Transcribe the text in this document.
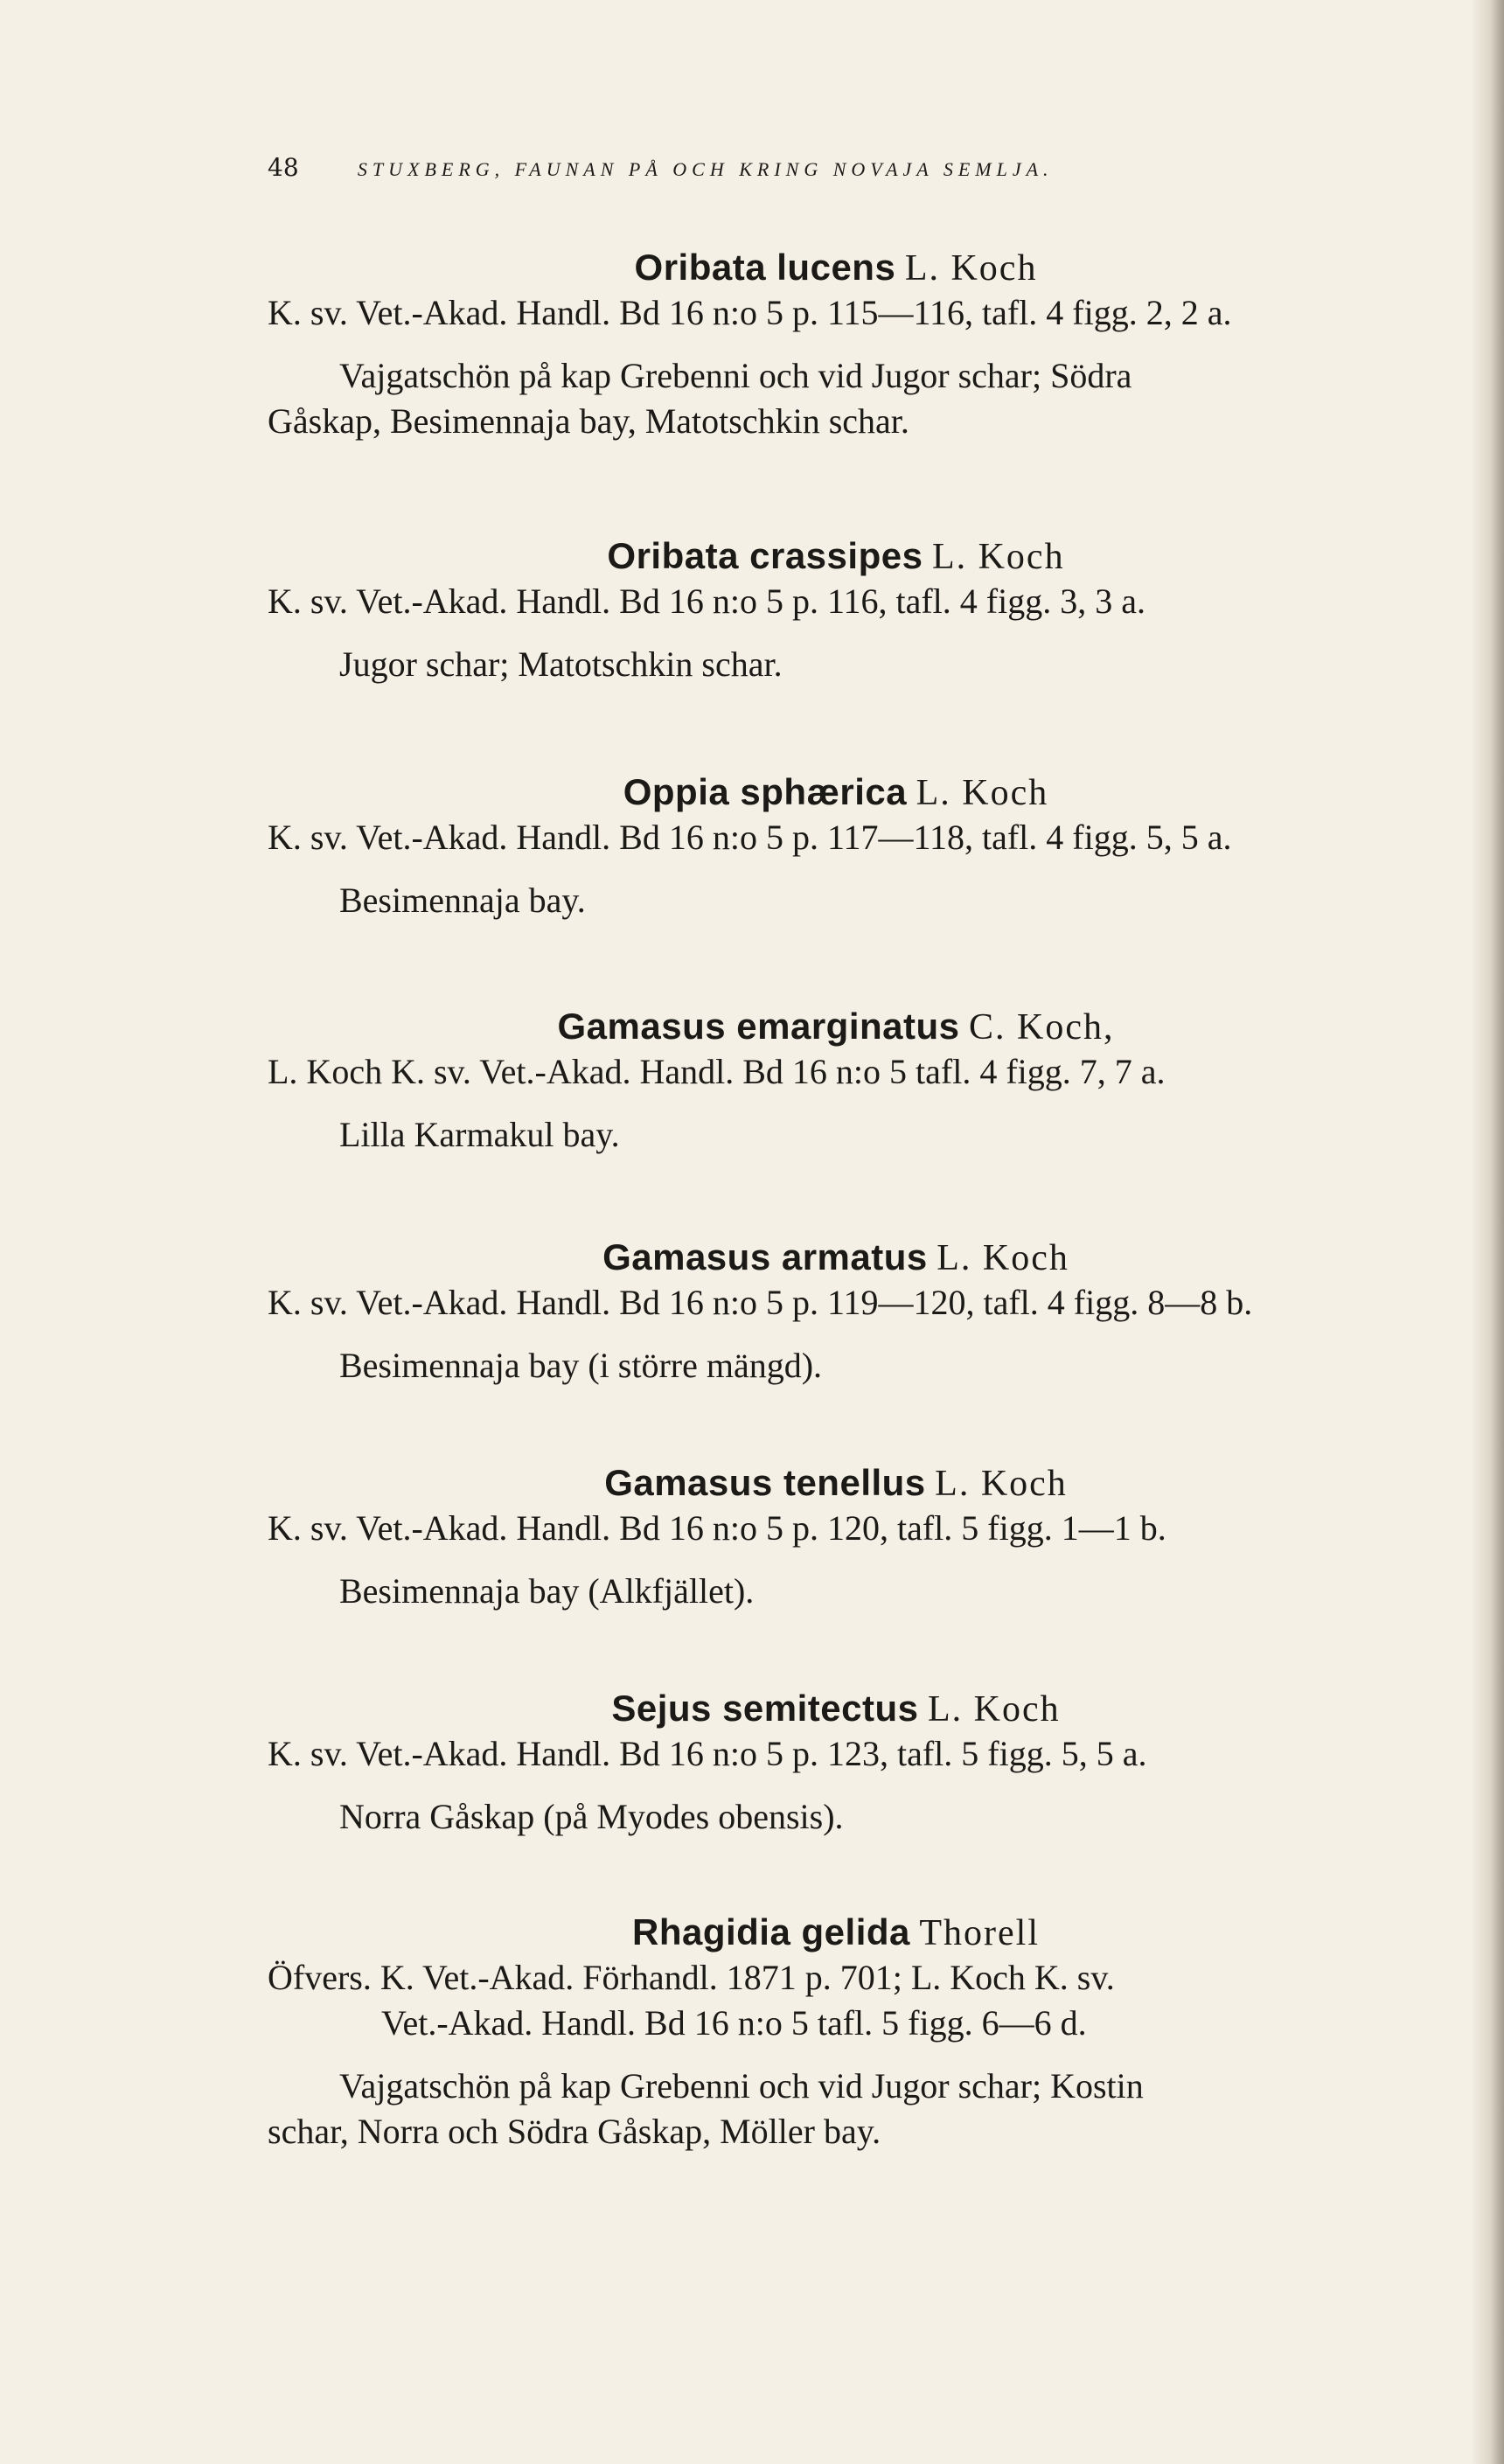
48	STUXBERG, FAUNAN PÅ OCH KRING NOVAJA SEMLJA.
Oribata lucens L. Koch
K. sv. Vet.-Akad. Handl. Bd 16 n:o 5 p. 115—116, tafl. 4 figg. 2, 2 a.
Vajgatschön på kap Grebenni och vid Jugor schar; Södra
Gåskap, Besimennaja bay, Matotschkin schar.
Oribata crassipes L. Koch
K. sv. Vet.-Akad. Handl. Bd 16 n:o 5 p. 116, tafl. 4 figg. 3, 3 a.
Jugor schar; Matotschkin schar.
Oppia sphærica L. Koch
K. sv. Vet.-Akad. Handl. Bd 16 n:o 5 p. 117—118, tafl. 4 figg. 5, 5 a.
Besimennaja bay.
Gamasus emarginatus C. Koch,
L. Koch K. sv. Vet.-Akad. Handl. Bd 16 n:o 5 tafl. 4 figg. 7, 7 a.
Lilla Karmakul bay.
Gamasus armatus L. Koch
K. sv. Vet.-Akad. Handl. Bd 16 n:o 5 p. 119—120, tafl. 4 figg. 8—8 b.
Besimennaja bay (i större mängd).
Gamasus tenellus L. Koch
K. sv. Vet.-Akad. Handl. Bd 16 n:o 5 p. 120, tafl. 5 figg. 1—1 b.
Besimennaja bay (Alkfjället).
Sejus semitectus L. Koch
K. sv. Vet.-Akad. Handl. Bd 16 n:o 5 p. 123, tafl. 5 figg. 5, 5 a.
Norra Gåskap (på Myodes obensis).
Rhagidia gelida Thorell
Öfvers. K. Vet.-Akad. Förhandl. 1871 p. 701; L. Koch K. sv.
Vet.-Akad. Handl. Bd 16 n:o 5 tafl. 5 figg. 6—6 d.
Vajgatschön på kap Grebenni och vid Jugor schar; Kostin
schar, Norra och Södra Gåskap, Möller bay.
